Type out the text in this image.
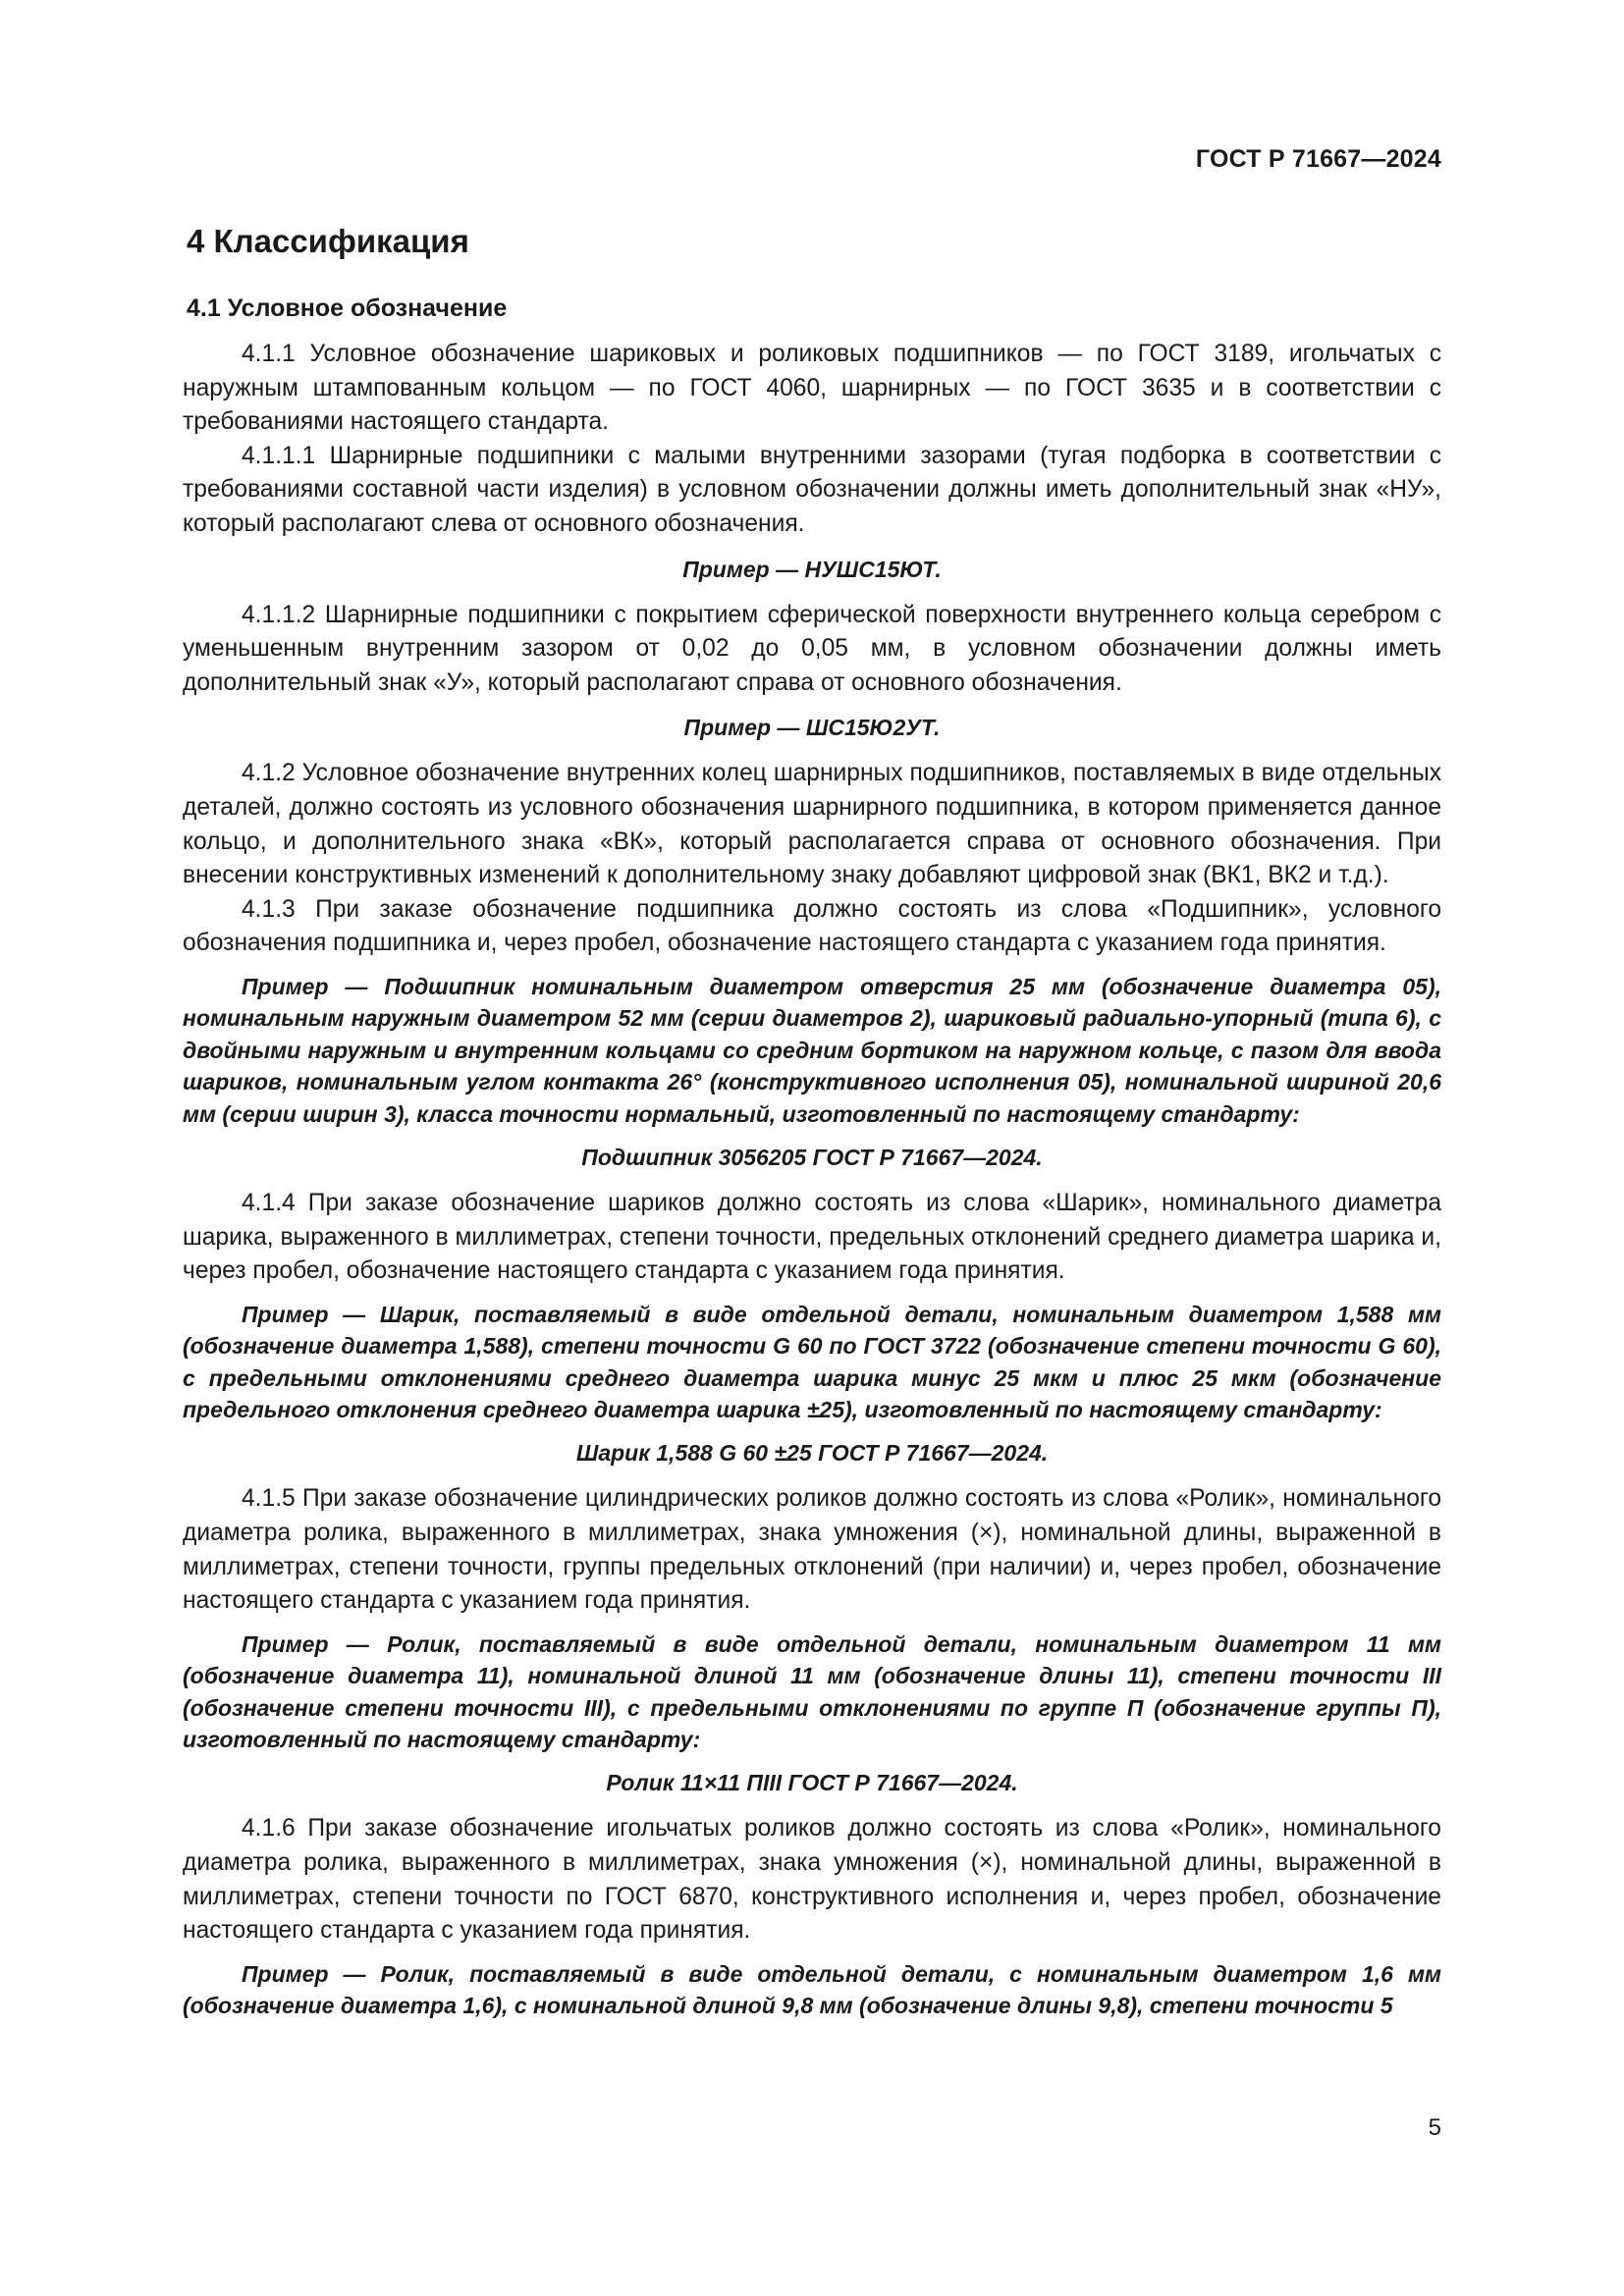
ГОСТ Р 71667—2024
4 Классификация
4.1 Условное обозначение

4.1.1 Условное обозначение шариковых и роликовых подшипников — по ГОСТ 3189, игольчатых с наружным штампованным кольцом — по ГОСТ 4060, шарнирных — по ГОСТ 3635 и в соответствии с требованиями настоящего стандарта.

4.1.1.1 Шарнирные подшипники с малыми внутренними зазорами (тугая подборка в соответствии с требованиями составной части изделия) в условном обозначении должны иметь дополнительный знак «НУ», который располагают слева от основного обозначения.

Пример — НУШС15ЮТ.

4.1.1.2 Шарнирные подшипники с покрытием сферической поверхности внутреннего кольца серебром с уменьшенным внутренним зазором от 0,02 до 0,05 мм, в условном обозначении должны иметь дополнительный знак «У», который располагают справа от основного обозначения.

Пример — ШС15Ю2УТ.

4.1.2 Условное обозначение внутренних колец шарнирных подшипников, поставляемых в виде отдельных деталей, должно состоять из условного обозначения шарнирного подшипника, в котором применяется данное кольцо, и дополнительного знака «ВК», который располагается справа от основного обозначения. При внесении конструктивных изменений к дополнительному знаку добавляют цифровой знак (ВК1, ВК2 и т.д.).

4.1.3 При заказе обозначение подшипника должно состоять из слова «Подшипник», условного обозначения подшипника и, через пробел, обозначение настоящего стандарта с указанием года принятия.

Пример — Подшипник номинальным диаметром отверстия 25 мм (обозначение диаметра 05), номинальным наружным диаметром 52 мм (серии диаметров 2), шариковый радиально-упорный (типа 6), с двойными наружным и внутренним кольцами со средним бортиком на наружном кольце, с пазом для ввода шариков, номинальным углом контакта 26° (конструктивного исполнения 05), номинальной шириной 20,6 мм (серии ширин 3), класса точности нормальный, изготовленный по настоящему стандарту:

Подшипник 3056205 ГОСТ Р 71667—2024.

4.1.4 При заказе обозначение шариков должно состоять из слова «Шарик», номинального диаметра шарика, выраженного в миллиметрах, степени точности, предельных отклонений среднего диаметра шарика и, через пробел, обозначение настоящего стандарта с указанием года принятия.

Пример — Шарик, поставляемый в виде отдельной детали, номинальным диаметром 1,588 мм (обозначение диаметра 1,588), степени точности G 60 по ГОСТ 3722 (обозначение степени точности G 60), с предельными отклонениями среднего диаметра шарика минус 25 мкм и плюс 25 мкм (обозначение предельного отклонения среднего диаметра шарика ±25), изготовленный по настоящему стандарту:

Шарик 1,588 G 60 ±25 ГОСТ Р 71667—2024.

4.1.5 При заказе обозначение цилиндрических роликов должно состоять из слова «Ролик», номинального диаметра ролика, выраженного в миллиметрах, знака умножения (×), номинальной длины, выраженной в миллиметрах, степени точности, группы предельных отклонений (при наличии) и, через пробел, обозначение настоящего стандарта с указанием года принятия.

Пример — Ролик, поставляемый в виде отдельной детали, номинальным диаметром 11 мм (обозначение диаметра 11), номинальной длиной 11 мм (обозначение длины 11), степени точности III (обозначение степени точности III), с предельными отклонениями по группе П (обозначение группы П), изготовленный по настоящему стандарту:

Ролик 11×11 ПIII ГОСТ Р 71667—2024.

4.1.6 При заказе обозначение игольчатых роликов должно состоять из слова «Ролик», номинального диаметра ролика, выраженного в миллиметрах, знака умножения (×), номинальной длины, выраженной в миллиметрах, степени точности по ГОСТ 6870, конструктивного исполнения и, через пробел, обозначение настоящего стандарта с указанием года принятия.

Пример — Ролик, поставляемый в виде отдельной детали, с номинальным диаметром 1,6 мм (обозначение диаметра 1,6), с номинальной длиной 9,8 мм (обозначение длины 9,8), степени точности 5

5
